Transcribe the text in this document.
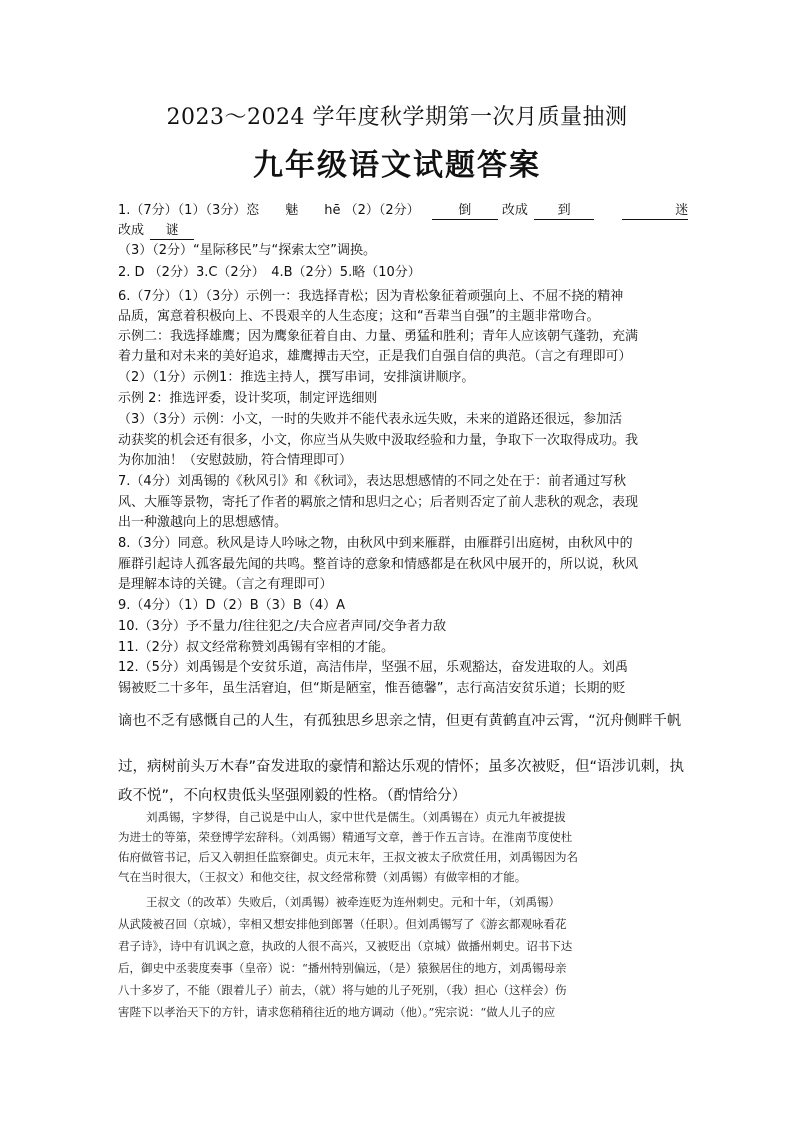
2023～2024 学年度秋学期第一次月质量抽测
九年级语文试题答案
1.（7分）（1）（3分）恣　　魅　　hē （2）（2分）	倒 改成 到	迷
改成 谜
（3）（2分）“星际移民”与“探索太空”调换。
2. D （2分）3.C（2分）　4.B（2分）5.略（10分）
6.（7分）（1）（3分）示例一：我选择青松；因为青松象征着顽强向上、不屈不挠的精神
品质，寓意着积极向上、不畏艰辛的人生态度；这和“吾辈当自强”的主题非常吻合。
示例二：我选择雄鹰；因为鹰象征着自由、力量、勇猛和胜利；青年人应该朝气蓬勃，充满
着力量和对未来的美好追求，雄鹰搏击天空，正是我们自强自信的典范。（言之有理即可）
（2）（1分）示例1：推选主持人，撰写串词，安排演讲顺序。
示例 2：推选评委，设计奖项，制定评选细则
（3）（3分）示例：小文，一时的失败并不能代表永远失败，未来的道路还很远，参加活
动获奖的机会还有很多，小文，你应当从失败中汲取经验和力量，争取下一次取得成功。我
为你加油！（安慰鼓励，符合情理即可）
7.（4分）刘禹锡的《秋风引》和《秋词》，表达思想感情的不同之处在于：前者通过写秋
风、大雁等景物，寄托了作者的羁旅之情和思归之心；后者则否定了前人悲秋的观念，表现
出一种激越向上的思想感情。
8.（3分）同意。秋风是诗人吟咏之物，由秋风中到来雁群，由雁群引出庭树，由秋风中的
雁群引起诗人孤客最先闻的共鸣。整首诗的意象和情感都是在秋风中展开的，所以说，秋风
是理解本诗的关键。（言之有理即可）
9.（4分）（1）D（2）B（3）B（4）A
10.（3分）予不量力/往往犯之/夫合应者声同/交争者力敌
11.（2分）叔文经常称赞刘禹锡有宰相的才能。
12.（5分）刘禹锡是个安贫乐道，高洁伟岸，坚强不屈，乐观豁达，奋发进取的人。刘禹
锡被贬二十多年，虽生活窘迫，但“斯是陋室，惟吾德馨”，志行高洁安贫乐道；长期的贬
谪也不乏有感慨自己的人生，有孤独思乡思亲之情，但更有黄鹤直冲云霄，“沉舟侧畔千帆
过，病树前头万木春”奋发进取的豪情和豁达乐观的情怀；虽多次被贬，但“语涉讥刺，执
政不悦”，不向权贵低头坚强刚毅的性格。（酌情给分）
刘禹锡，字梦得，自己说是中山人，家中世代是儒生。（刘禹锡在）贞元九年被提拔
为进士的等第，荣登博学宏辞科。（刘禹锡）精通写文章，善于作五言诗。在淮南节度使杜
佑府做管书记，后又入朝担任监察御史。贞元末年，王叔文被太子欣赏任用，刘禹锡因为名
气在当时很大，（王叔文）和他交往，叔文经常称赞（刘禹锡）有做宰相的才能。
王叔文（的改革）失败后，（刘禹锡）被牵连贬为连州刺史。元和十年，（刘禹锡）
从武陵被召回（京城），宰相又想安排他到郎署（任职）。但刘禹锡写了《游玄都观咏看花
君子诗》，诗中有讥讽之意，执政的人很不高兴，又被贬出（京城）做播州刺史。诏书下达
后，御史中丞裴度奏事（皇帝）说：“播州特别偏远，（是）猿猴居住的地方，刘禹锡母亲
八十多岁了，不能（跟着儿子）前去，（就）将与她的儿子死别，（我）担心（这样会）伤
害陛下以孝治天下的方针，请求您稍稍往近的地方调动（他）。”宪宗说：“做人儿子的应
